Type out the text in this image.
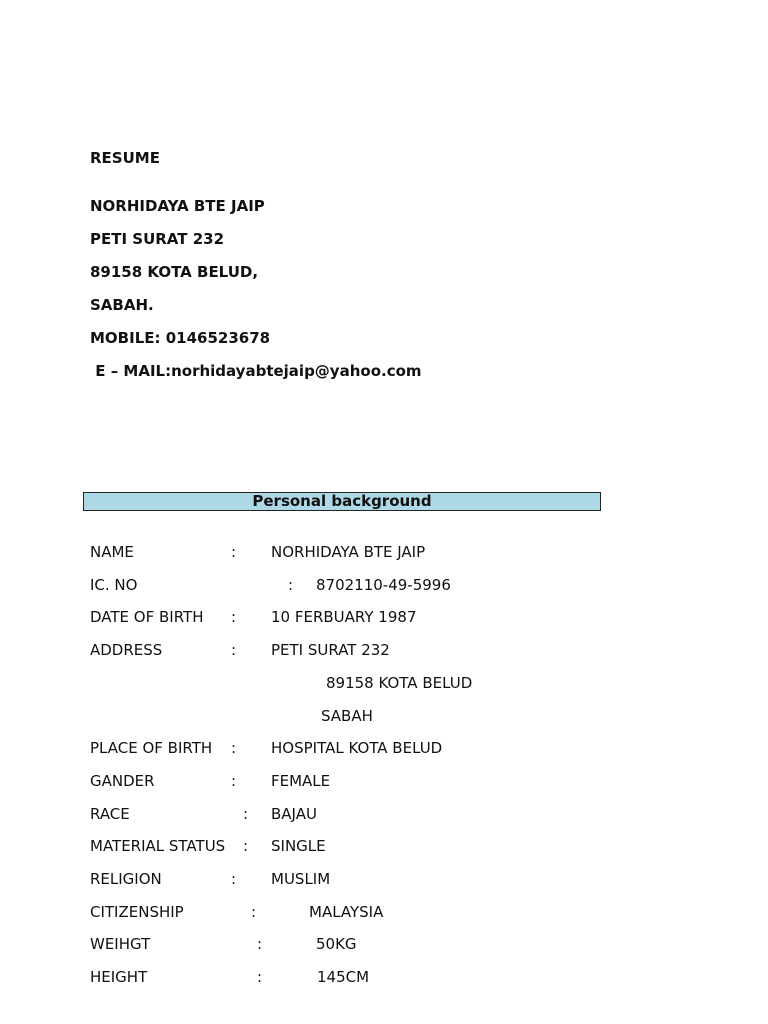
RESUME
NORHIDAYA BTE JAIP
PETI SURAT 232
89158 KOTA BELUD,
SABAH.
MOBILE: 0146523678
E – MAIL:norhidayabtejaip@yahoo.com
Personal background
NAME	: NORHIDAYA BTE JAIP
IC. NO	: 8702110-49-5996
DATE OF BIRTH : 10 FERBUARY 1987
ADDRESS	: PETI SURAT 232
89158 KOTA BELUD
SABAH
PLACE OF BIRTH : HOSPITAL KOTA BELUD
GANDER	: FEMALE
RACE	: BAJAU
MATERIAL STATUS : SINGLE
RELIGION	: MUSLIM
CITIZENSHIP	:	MALAYSIA
WEIHGT	:	50KG
HEIGHT	:	145CM
